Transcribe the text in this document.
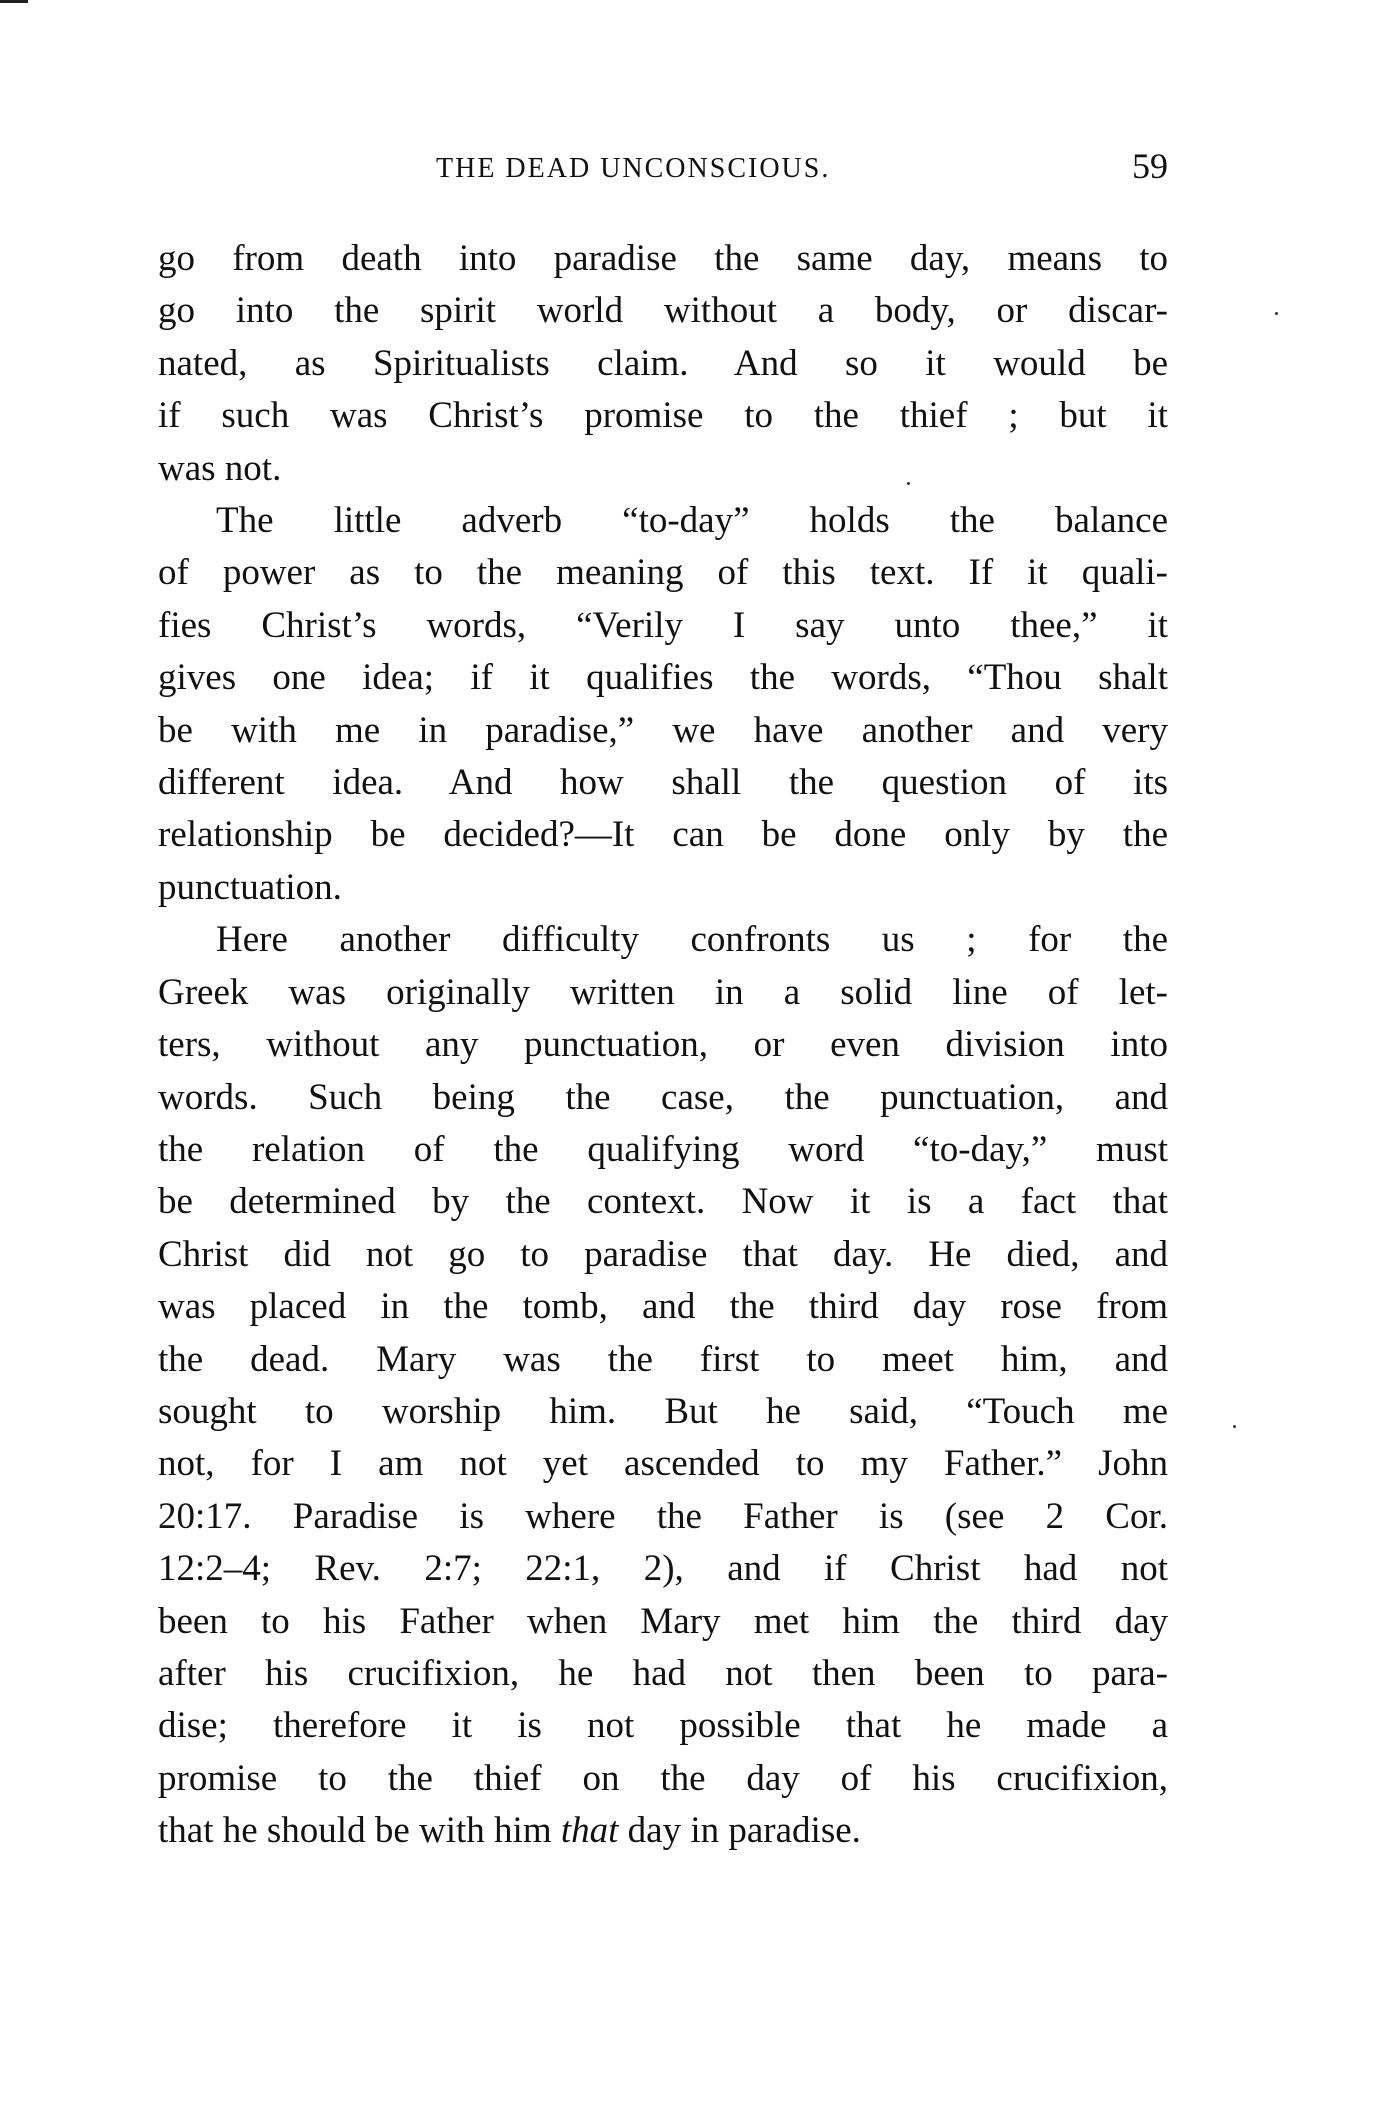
THE DEAD UNCONSCIOUS.	59
go from death into paradise the same day, means to
go into the spirit world without a body, or discar-
nated, as Spiritualists claim. And so it would be
if such was Christ’s promise to the thief ; but it
was not.
The little adverb “to-day” holds the balance
of power as to the meaning of this text. If it quali-
fies Christ’s words, “Verily I say unto thee,” it
gives one idea; if it qualifies the words, “Thou shalt
be with me in paradise,” we have another and very
different idea. And how shall the question of its
relationship be decided?—It can be done only by the
punctuation.
Here another difficulty confronts us ; for the
Greek was originally written in a solid line of let-
ters, without any punctuation, or even division into
words. Such being the case, the punctuation, and
the relation of the qualifying word “to-day,” must
be determined by the context. Now it is a fact that
Christ did not go to paradise that day. He died, and
was placed in the tomb, and the third day rose from
the dead. Mary was the first to meet him, and
sought to worship him. But he said, “Touch me
not, for I am not yet ascended to my Father.” John
20:17. Paradise is where the Father is (see 2 Cor.
12:2–4; Rev. 2:7; 22:1, 2), and if Christ had not
been to his Father when Mary met him the third day
after his crucifixion, he had not then been to para-
dise; therefore it is not possible that he made a
promise to the thief on the day of his crucifixion,
that he should be with him that day in paradise.
